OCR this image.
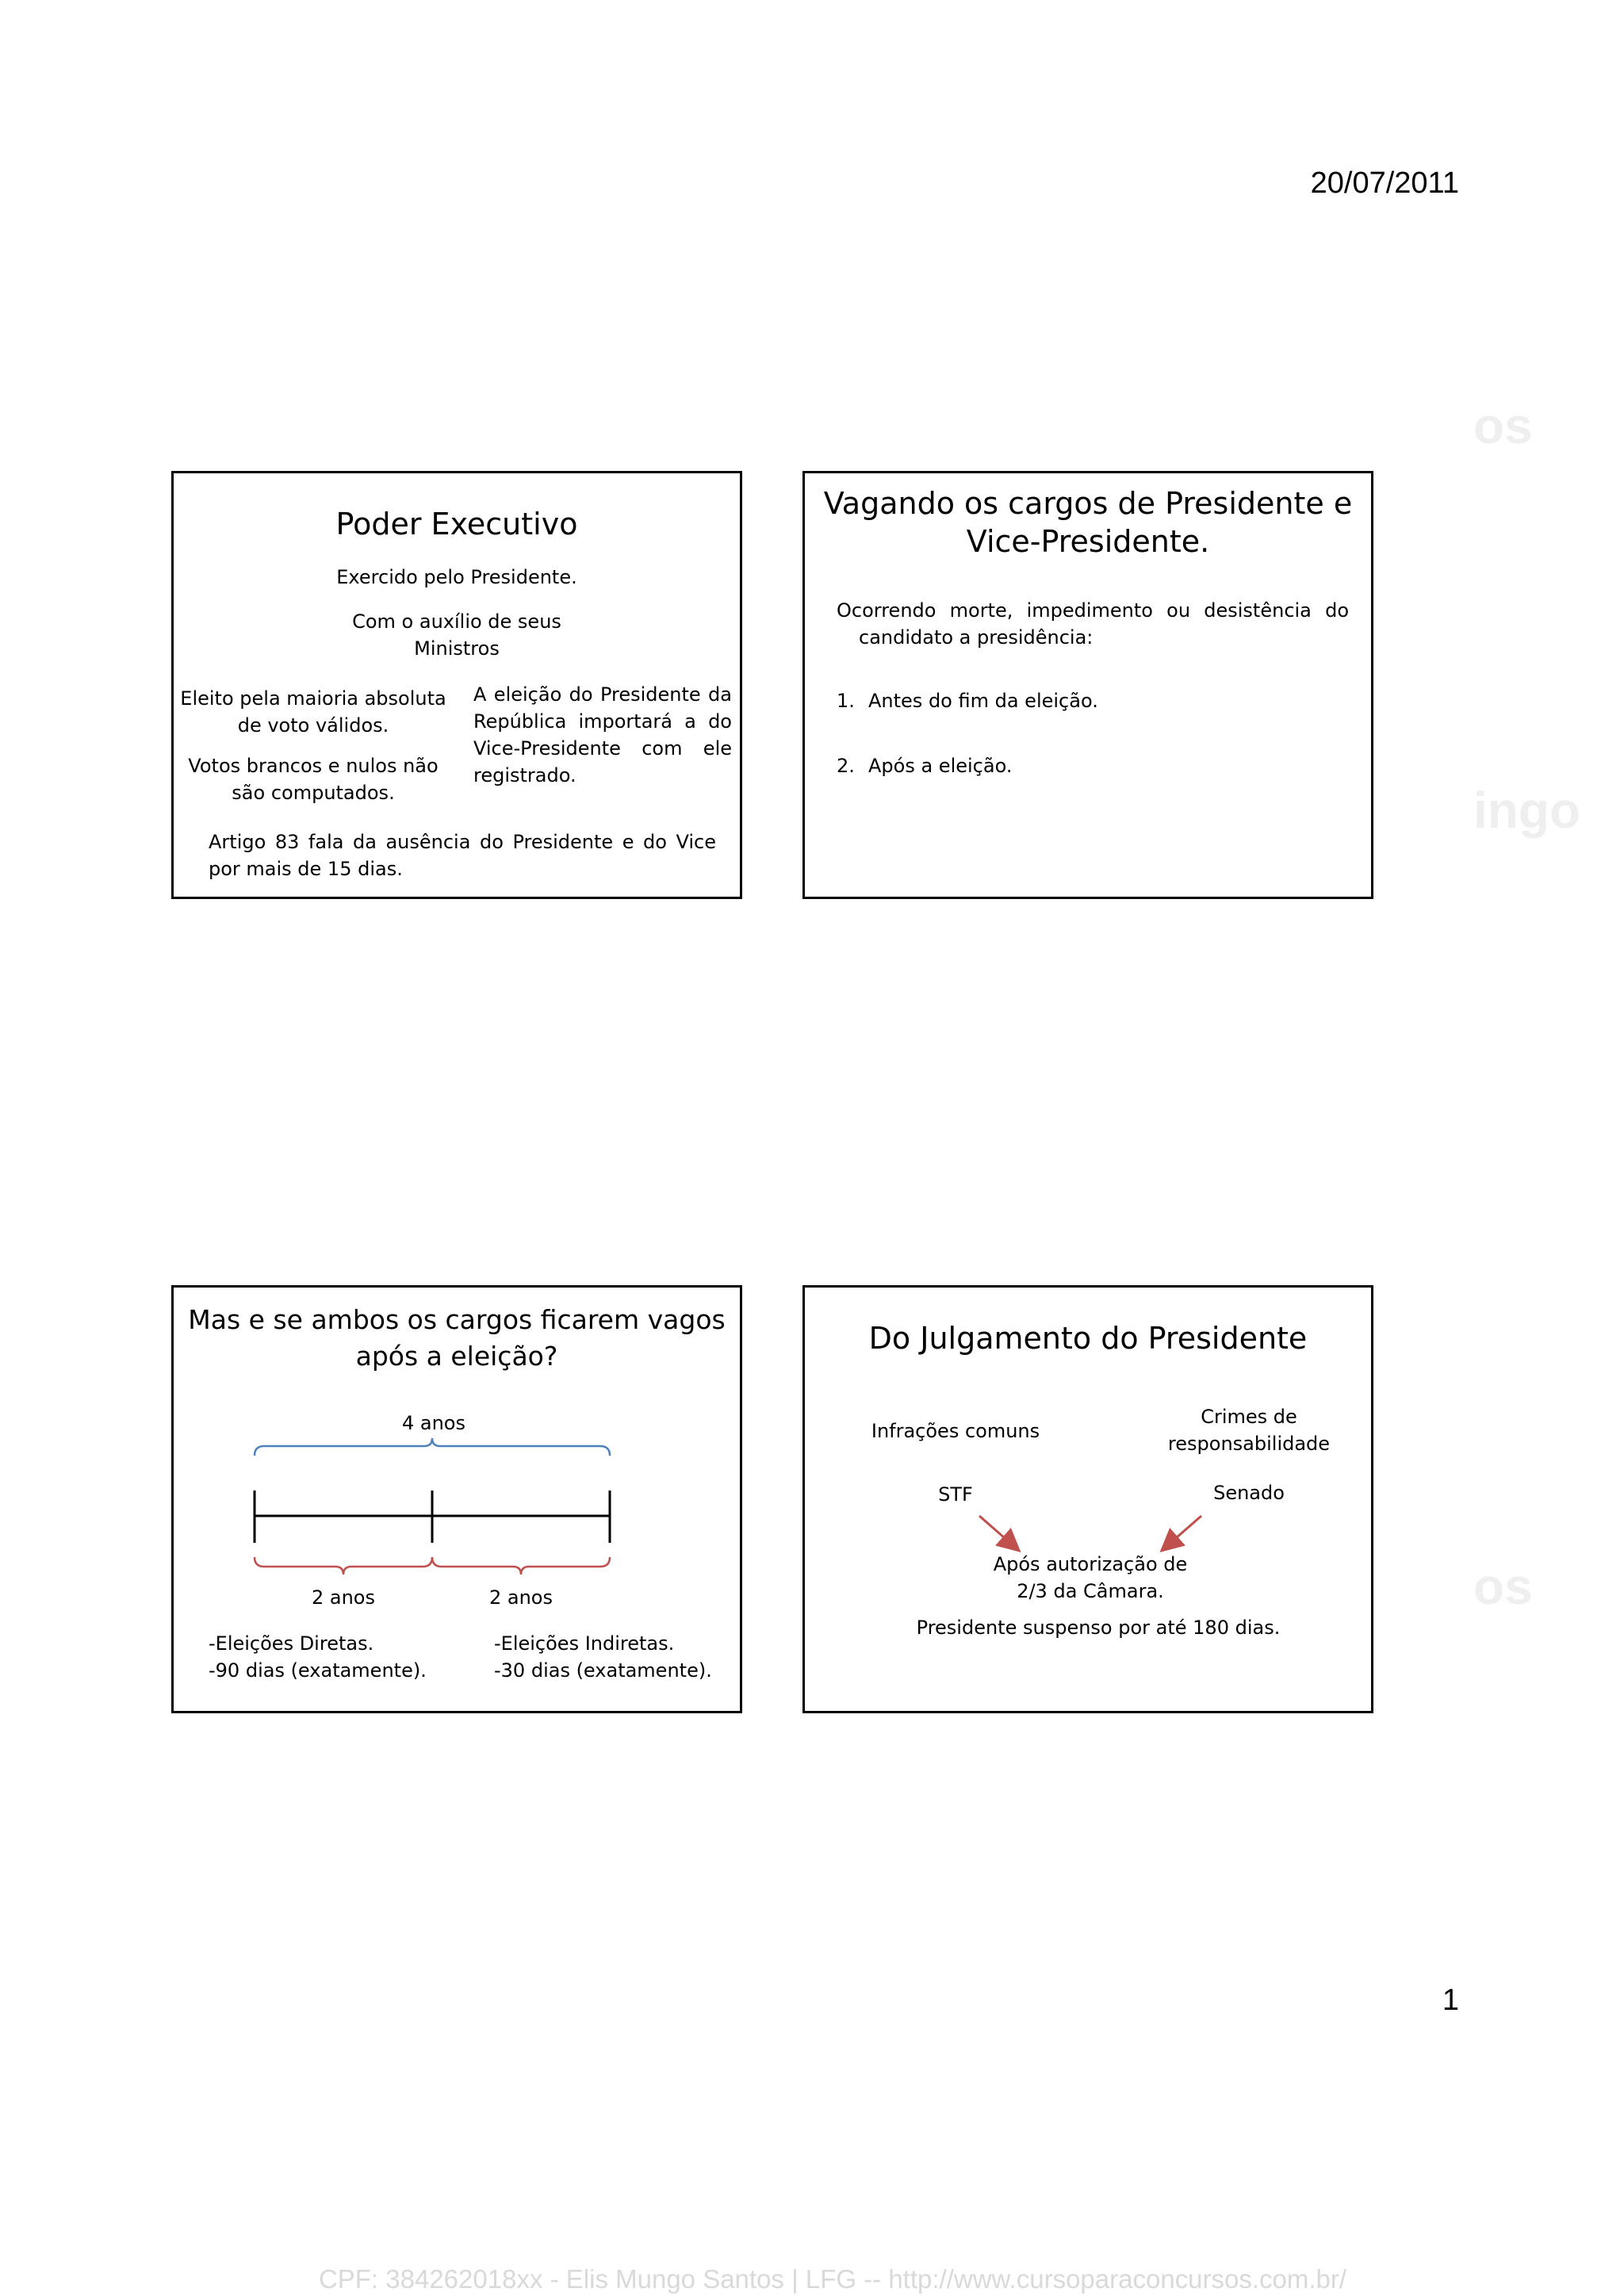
20/07/2011
1
CPF: 384262018xx - Elis Mungo Santos | LFG -- http://www.cursoparaconcursos.com.br/
os
ingo
os
Poder Executivo
Exercido pelo Presidente.
Com o auxílio de seus
Ministros
Eleito pela maioria absoluta
de voto válidos.
Votos brancos e nulos não
são computados.
A eleição do Presidente da República importará a do Vice-Presidente com ele registrado.
Artigo 83 fala da ausência do Presidente e do Vice por mais de 15 dias.
Vagando os cargos de Presidente e
Vice-Presidente.
Ocorrendo morte, impedimento ou desistência do candidato a presidência:
1. Antes do fim da eleição.
2. Após a eleição.
Mas e se ambos os cargos ficarem vagos
após a eleição?
4 anos
2 anos	2 anos
-Eleições Diretas.
-90 dias (exatamente).
-Eleições Indiretas.
-30 dias (exatamente).
Do Julgamento do Presidente
Infrações comuns
Crimes de
responsabilidade
STF	Senado
Após autorização de
2/3 da Câmara.
Presidente suspenso por até 180 dias.
